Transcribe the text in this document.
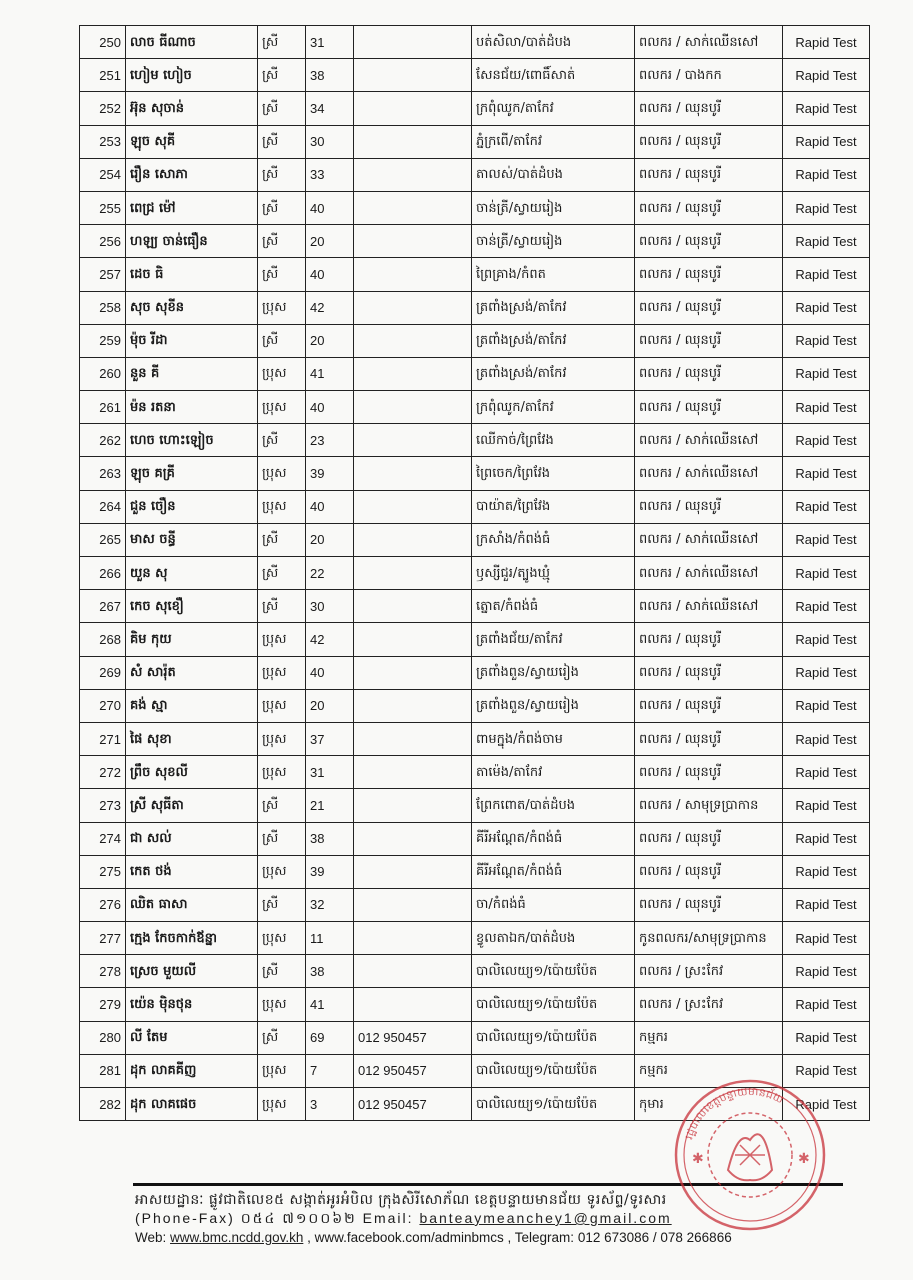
250	លាច ធីណាច	ស្រី	31		បត់សិលា/បាត់ដំបង	ពលករ / សាក់ឈើនសៅ	Rapid Test
251	ហៀម ហៀច	ស្រី	38		សែនជ័យ/ពោធិ៍សាត់	ពលករ / បាងកក	Rapid Test
252	អ៊ុន សុចាន់	ស្រី	34		ក្រពុំឈូក/តាកែវ	ពលករ / ឈុនបូរី	Rapid Test
253	ឡុច សុគី	ស្រី	30		ភ្នំក្រពើ/តាកែវ	ពលករ / ឈុនបូរី	Rapid Test
254	រឿន សោភា	ស្រី	33		តាលស់/បាត់ដំបង	ពលករ / ឈុនបូរី	Rapid Test
255	ពេជ្រ ម៉ៅ	ស្រី	40		ចាន់ត្រី/ស្វាយរៀង	ពលករ / ឈុនបូរី	Rapid Test
256	ហឡ្យ ចាន់ធឿន	ស្រី	20		ចាន់ត្រី/ស្វាយរៀង	ពលករ / ឈុនបូរី	Rapid Test
257	ដេច ធិ	ស្រី	40		ព្រៃគ្រាង/កំពត	ពលករ / ឈុនបូរី	Rapid Test
258	សុច សុខីន	ប្រុស	42		ត្រពាំងស្រង់/តាកែវ	ពលករ / ឈុនបូរី	Rapid Test
259	ម៉ុច រីដា	ស្រី	20		ត្រពាំងស្រង់/តាកែវ	ពលករ / ឈុនបូរី	Rapid Test
260	នួន គី	ប្រុស	41		ត្រពាំងស្រង់/តាកែវ	ពលករ / ឈុនបូរី	Rapid Test
261	ម៉ន រតនា	ប្រុស	40		ក្រពុំឈូក/តាកែវ	ពលករ / ឈុនបូរី	Rapid Test
262	ហេច ហោះឡៀច	ស្រី	23		ឈើកាច់/ព្រៃវែង	ពលករ / សាក់ឈើនសៅ	Rapid Test
263	ឡុច គគ្រី	ប្រុស	39		ព្រៃចេក/ព្រៃវែង	ពលករ / សាក់ឈើនសៅ	Rapid Test
264	ជួន ចឿន	ប្រុស	40		បាយ៉ាត/ព្រៃវែង	ពលករ / ឈុនបូរី	Rapid Test
265	មាស ចន្ធី	ស្រី	20		ក្រសាំង/កំពង់ធំ	ពលករ / សាក់ឈើនសៅ	Rapid Test
266	យួន សុ	ស្រី	22		ឫស្សីជួរ/ត្បូងឃ្មុំ	ពលករ / សាក់ឈើនសៅ	Rapid Test
267	កេច សុខឿ	ស្រី	30		ត្នោត/កំពង់ធំ	ពលករ / សាក់ឈើនសៅ	Rapid Test
268	គិម កុយ	ប្រុស	42		ត្រពាំងជ័យ/តាកែវ	ពលករ / ឈុនបូរី	Rapid Test
269	សំ សារ៉ុត	ប្រុស	40		ត្រពាំងពួន/ស្វាយរៀង	ពលករ / ឈុនបូរី	Rapid Test
270	គង់ ស្មា	ប្រុស	20		ត្រពាំងពួន/ស្វាយរៀង	ពលករ / ឈុនបូរី	Rapid Test
271	ផៃ សុខា	ប្រុស	37		ពាមក្នុង/កំពង់ចាម	ពលករ / ឈុនបូរី	Rapid Test
272	ព្រឹច សុខលី	ប្រុស	31		តាម៉េង/តាកែវ	ពលករ / ឈុនបូរី	Rapid Test
273	ស្រី សុធីតា	ស្រី	21		ព្រែកពោត/បាត់ដំបង	ពលករ / សាមុទ្រប្រាកាន	Rapid Test
274	ជា សល់	ស្រី	38		គីរីអណ្តែត/កំពង់ធំ	ពលករ / ឈុនបូរី	Rapid Test
275	កេត ថង់	ប្រុស	39		គីរីអណ្តែត/កំពង់ធំ	ពលករ / ឈុនបូរី	Rapid Test
276	ឈិត ធាសា	ស្រី	32		ចា/កំពង់ធំ	ពលករ / ឈុនបូរី	Rapid Test
277	ក្មេង កែចកាក់ឪន្នា	ប្រុស	11		ខ្វូលតាឯក/បាត់ដំបង	កូនពលករ/សាមុទ្រប្រាកាន	Rapid Test
278	ស្រេច មួយលី	ស្រី	38		បាលិលេយ្យ១/ប៉ោយប៉ែត	ពលករ / ស្រះកែវ	Rapid Test
279	យ៉េន ម៉ិនថុន	ប្រុស	41		បាលិលេយ្យ១/ប៉ោយប៉ែត	ពលករ / ស្រះកែវ	Rapid Test
280	លី តែម	ស្រី	69	012 950457	បាលិលេយ្យ១/ប៉ោយប៉ែត	កម្មករ	Rapid Test
281	ដុក លាគគីញ	ប្រុស	7	012 950457	បាលិលេយ្យ១/ប៉ោយប៉ែត	កម្មករ	Rapid Test
282	ដុក លាគផេច	ប្រុស	3	012 950457	បាលិលេយ្យ១/ប៉ោយប៉ែត	កុមារ	Rapid Test
អាសយដ្ឋានៈ ផ្លូវជាតិលេខ៥ សង្កាត់អូរអំបិល ក្រុងសិរីសោភ័ណ ខេត្តបន្ទាយមានជ័យ ទូរស័ព្ទ/ទូរសារ
(Phone-Fax) ០៥៤ ៧១០០៦២ Email: banteaymeanchey1@gmail.com
Web: www.bmc.ncdd.gov.kh , www.facebook.com/adminbmcs , Telegram: 012 673086 / 078 266866
✱	✱
រដ្ឋបាលខេត្តបន្ទាយមានជ័យ
